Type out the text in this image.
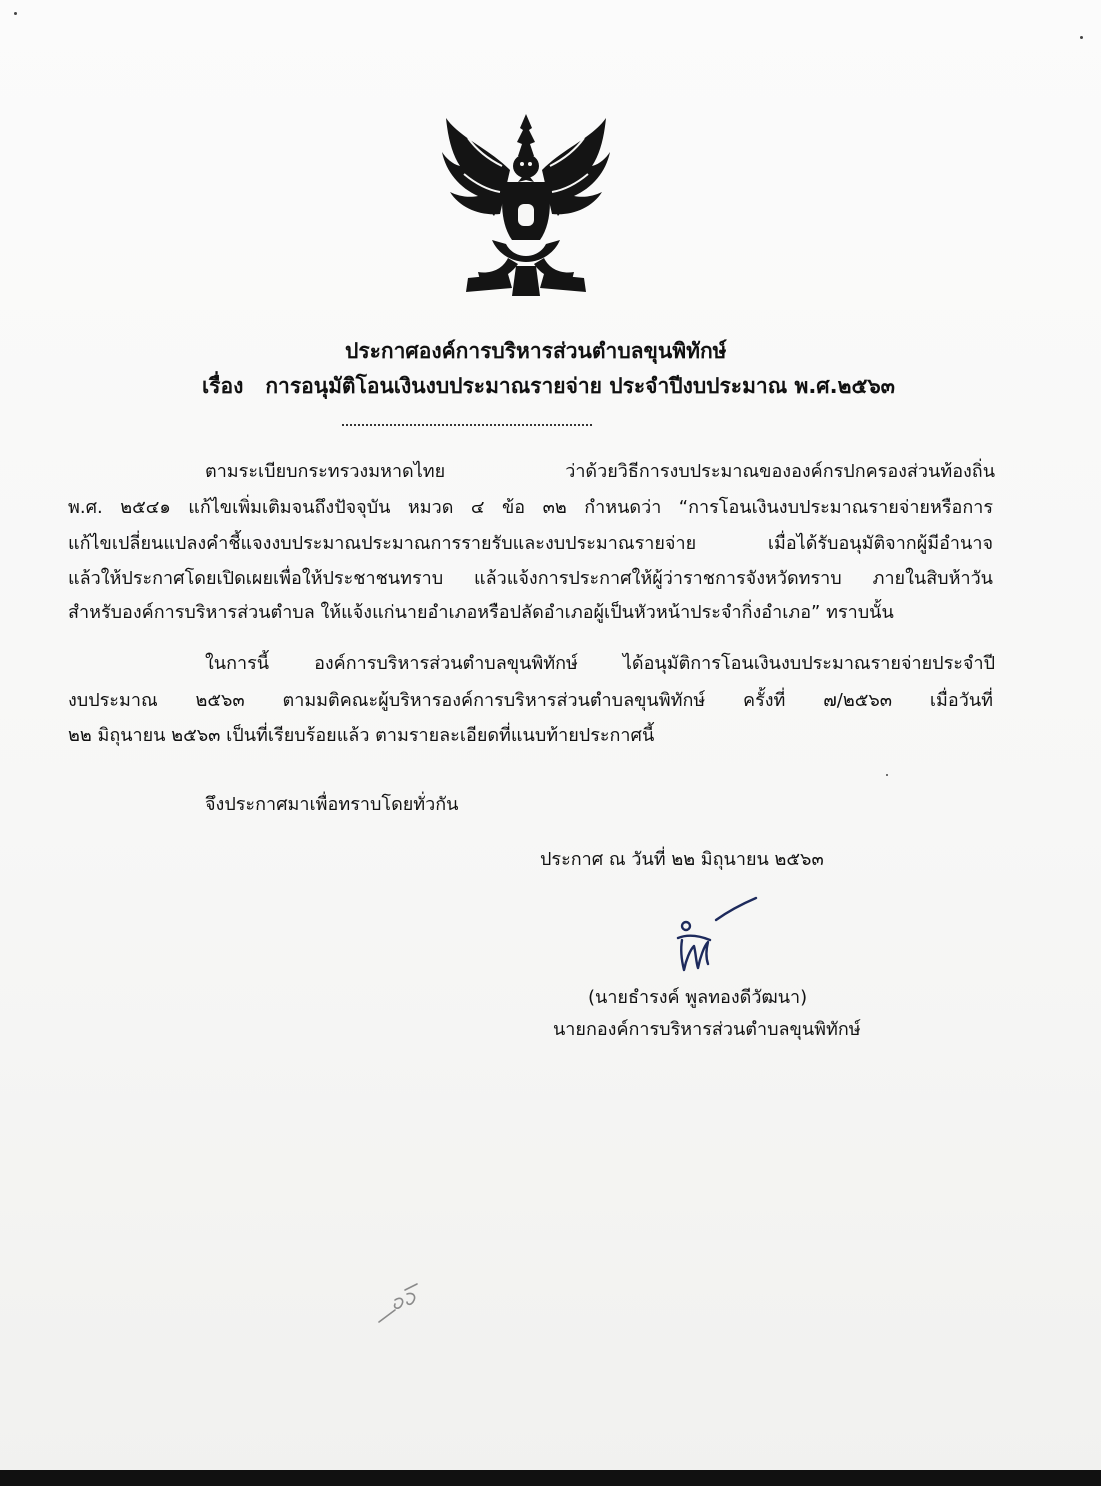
ประกาศองค์การบริหารส่วนตำบลขุนพิทักษ์
เรื่อง การอนุมัติโอนเงินงบประมาณรายจ่าย ประจำปีงบประมาณ พ.ศ.๒๕๖๓
ตามระเบียบกระทรวงมหาดไทย ว่าด้วยวิธีการงบประมาณขององค์กรปกครองส่วนท้องถิ่น
พ.ศ. ๒๕๔๑ แก้ไขเพิ่มเติมจนถึงปัจจุบัน หมวด ๔ ข้อ ๓๒ กำหนดว่า “การโอนเงินงบประมาณรายจ่ายหรือการ
แก้ไขเปลี่ยนแปลงคำชี้แจงงบประมาณประมาณการรายรับและงบประมาณรายจ่าย เมื่อได้รับอนุมัติจากผู้มีอำนาจ
แล้วให้ประกาศโดยเปิดเผยเพื่อให้ประชาชนทราบ แล้วแจ้งการประกาศให้ผู้ว่าราชการจังหวัดทราบ ภายในสิบห้าวัน
สำหรับองค์การบริหารส่วนตำบล ให้แจ้งแก่นายอำเภอหรือปลัดอำเภอผู้เป็นหัวหน้าประจำกิ่งอำเภอ” ทราบนั้น
ในการนี้ องค์การบริหารส่วนตำบลขุนพิทักษ์ ได้อนุมัติการโอนเงินงบประมาณรายจ่ายประจำปี
งบประมาณ ๒๕๖๓ ตามมติคณะผู้บริหารองค์การบริหารส่วนตำบลขุนพิทักษ์ ครั้งที่ ๗/๒๕๖๓ เมื่อวันที่
๒๒ มิถุนายน ๒๕๖๓ เป็นที่เรียบร้อยแล้ว ตามรายละเอียดที่แนบท้ายประกาศนี้
จึงประกาศมาเพื่อทราบโดยทั่วกัน
ประกาศ ณ วันที่ ๒๒ มิถุนายน ๒๕๖๓
(นายธำรงค์ พูลทองดีวัฒนา)
นายกองค์การบริหารส่วนตำบลขุนพิทักษ์
